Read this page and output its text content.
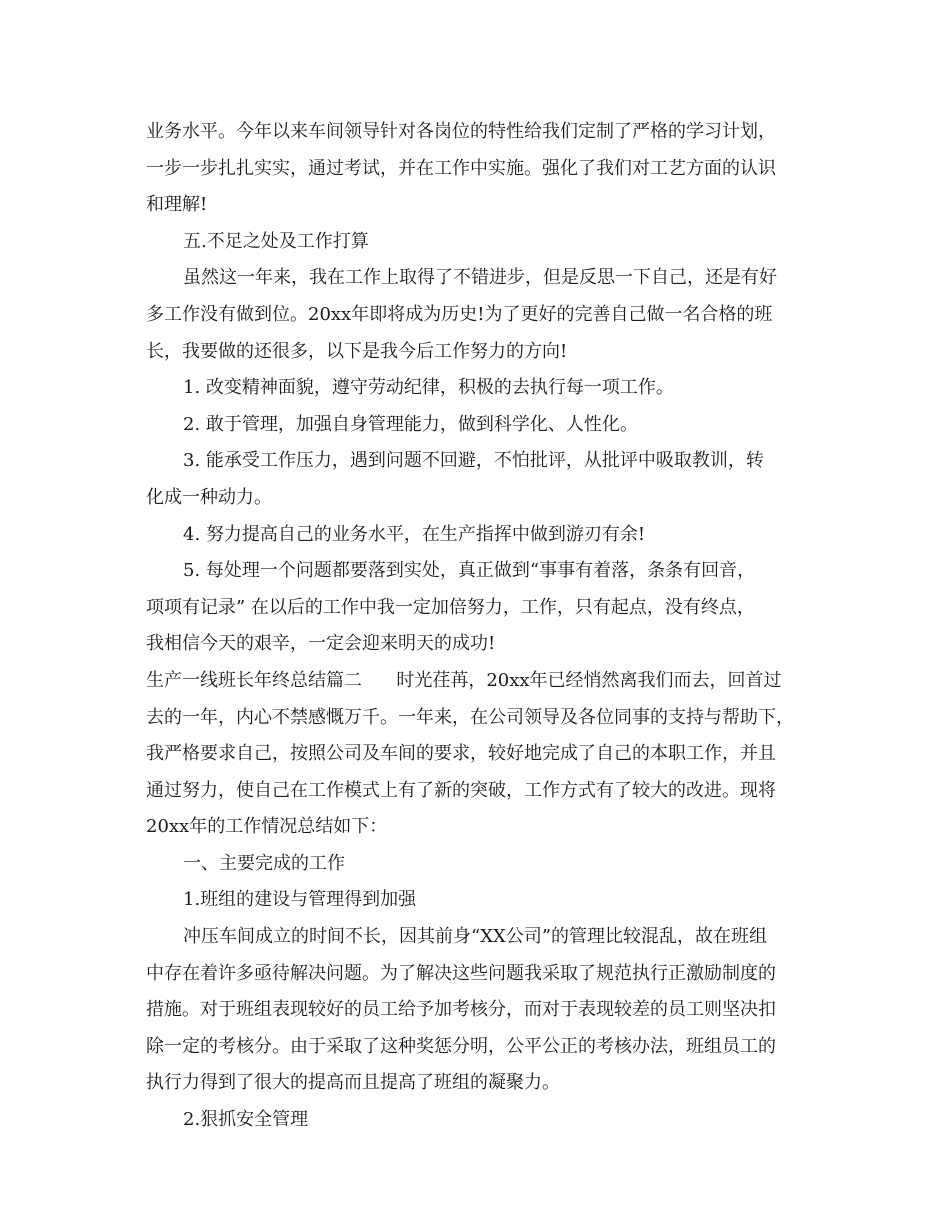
业务水平。今年以来车间领导针对各岗位的特性给我们定制了严格的学习计划，
一步一步扎扎实实，通过考试，并在工作中实施。强化了我们对工艺方面的认识
和理解!
五.不足之处及工作打算
虽然这一年来，我在工作上取得了不错进步，但是反思一下自己，还是有好
多工作没有做到位。20xx年即将成为历史!为了更好的完善自己做一名合格的班
长，我要做的还很多，以下是我今后工作努力的方向!
1. 改变精神面貌，遵守劳动纪律，积极的去执行每一项工作。
2. 敢于管理，加强自身管理能力，做到科学化、人性化。
3. 能承受工作压力，遇到问题不回避，不怕批评，从批评中吸取教训，转
化成一种动力。
4. 努力提高自己的业务水平，在生产指挥中做到游刃有余!
5. 每处理一个问题都要落到实处，真正做到“事事有着落，条条有回音，
项项有记录” 在以后的工作中我一定加倍努力，工作，只有起点，没有终点，
我相信今天的艰辛，一定会迎来明天的成功!
生产一线班长年终总结篇二      时光荏苒，20xx年已经悄然离我们而去，回首过
去的一年，内心不禁感慨万千。一年来，在公司领导及各位同事的支持与帮助下，
我严格要求自己，按照公司及车间的要求，较好地完成了自己的本职工作，并且
通过努力，使自己在工作模式上有了新的突破，工作方式有了较大的改进。现将
20xx年的工作情况总结如下：
一、主要完成的工作
1.班组的建设与管理得到加强
冲压车间成立的时间不长，因其前身“XX公司”的管理比较混乱，故在班组
中存在着许多亟待解决问题。为了解决这些问题我采取了规范执行正激励制度的
措施。对于班组表现较好的员工给予加考核分，而对于表现较差的员工则坚决扣
除一定的考核分。由于采取了这种奖惩分明，公平公正的考核办法，班组员工的
执行力得到了很大的提高而且提高了班组的凝聚力。
2.狠抓安全管理
